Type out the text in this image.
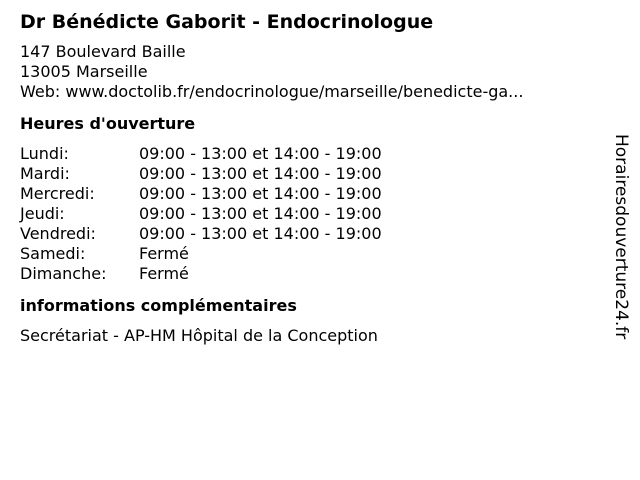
Dr Bénédicte Gaborit - Endocrinologue
147 Boulevard Baille
13005 Marseille
Web: www.doctolib.fr/endocrinologue/marseille/benedicte-ga...
Heures d'ouverture
Lundi:	09:00 - 13:00 et 14:00 - 19:00
Mardi:	09:00 - 13:00 et 14:00 - 19:00
Mercredi:	09:00 - 13:00 et 14:00 - 19:00
Jeudi:	09:00 - 13:00 et 14:00 - 19:00
Vendredi:	09:00 - 13:00 et 14:00 - 19:00
Samedi:	Fermé
Dimanche:	Fermé
informations complémentaires
Secrétariat - AP-HM Hôpital de la Conception	Horairesdouverture24.fr
